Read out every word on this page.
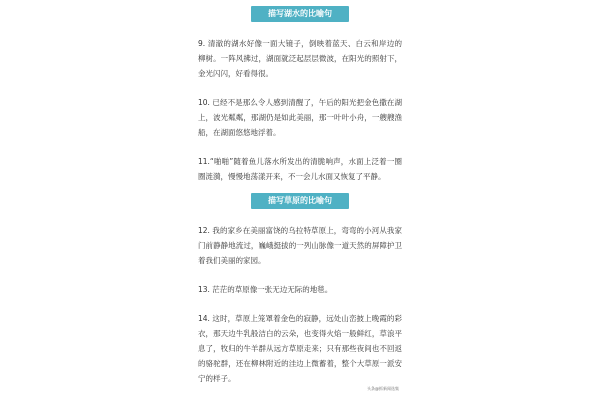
描写湖水的比喻句

9. 清澈的湖水好像一面大镜子，倒映着蓝天、白云和岸边的柳树。一阵风拂过，湖面就泛起层层微波，在阳光的照射下，金光闪闪，好看得很。

10. 已经不是那么令人感到清醒了，午后的阳光把金色撒在湖上，波光粼粼，那湖仍是如此美丽，那一叶叶小舟，一艘艘渔船，在湖面悠悠地浮着。

11.“啪啪”随着鱼儿落水所发出的清脆响声，水面上泛着一圈圈涟漪，慢慢地荡漾开来，不一会儿水面又恢复了平静。

描写草原的比喻句

12. 我的家乡在美丽富饶的乌拉特草原上，弯弯的小河从我家门前静静地流过，巍峨挺拔的一列山脉像一道天然的屏障护卫着我们美丽的家园。

13. 茫茫的草原像一张无边无际的地毯。

14. 这时，草原上笼罩着金色的寂静，远处山峦披上晚霞的彩衣，那天边牛乳般洁白的云朵，也变得火焰一般鲜红，草浪平息了，牧归的牛羊群从远方草原走来；只有那些夜间也不回返的骆驼群，还在柳林附近的洼边上微蓄着，整个大草原一派安宁的样子。

头条@抓新闻选集
